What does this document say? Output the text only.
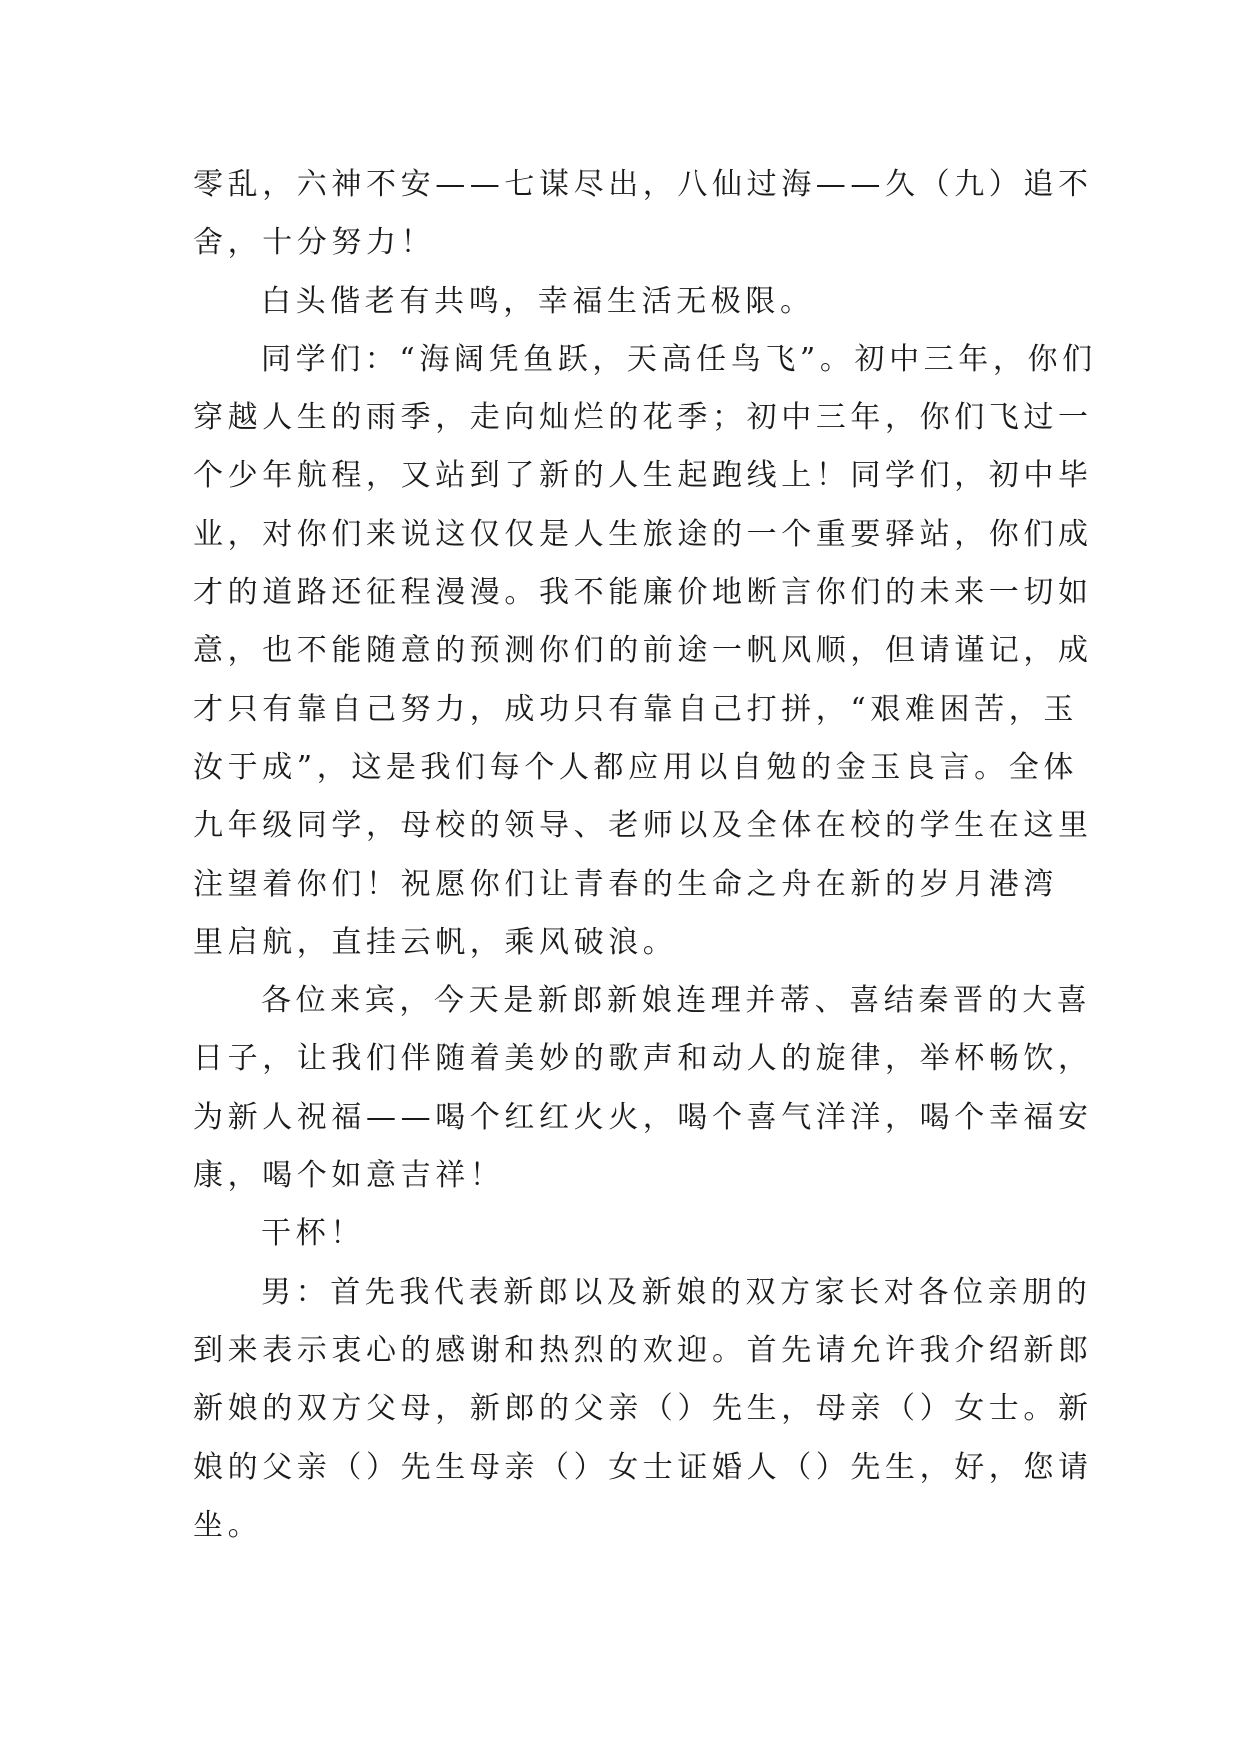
零乱，六神不安——七谋尽出，八仙过海——久（九）追不
舍，十分努力！
白头偕老有共鸣，幸福生活无极限。
同学们：“海阔凭鱼跃，天高任鸟飞”。初中三年，你们
穿越人生的雨季，走向灿烂的花季；初中三年，你们飞过一
个少年航程，又站到了新的人生起跑线上！同学们，初中毕
业，对你们来说这仅仅是人生旅途的一个重要驿站，你们成
才的道路还征程漫漫。我不能廉价地断言你们的未来一切如
意，也不能随意的预测你们的前途一帆风顺，但请谨记，成
才只有靠自己努力，成功只有靠自己打拼，“艰难困苦，玉
汝于成”，这是我们每个人都应用以自勉的金玉良言。全体
九年级同学，母校的领导、老师以及全体在校的学生在这里
注望着你们！祝愿你们让青春的生命之舟在新的岁月港湾
里启航，直挂云帆，乘风破浪。
各位来宾，今天是新郎新娘连理并蒂、喜结秦晋的大喜
日子，让我们伴随着美妙的歌声和动人的旋律，举杯畅饮，
为新人祝福——喝个红红火火，喝个喜气洋洋，喝个幸福安
康，喝个如意吉祥！
干杯！
男：首先我代表新郎以及新娘的双方家长对各位亲朋的
到来表示衷心的感谢和热烈的欢迎。首先请允许我介绍新郎
新娘的双方父母，新郎的父亲（）先生，母亲（）女士。新
娘的父亲（）先生母亲（）女士证婚人（）先生，好，您请
坐。
